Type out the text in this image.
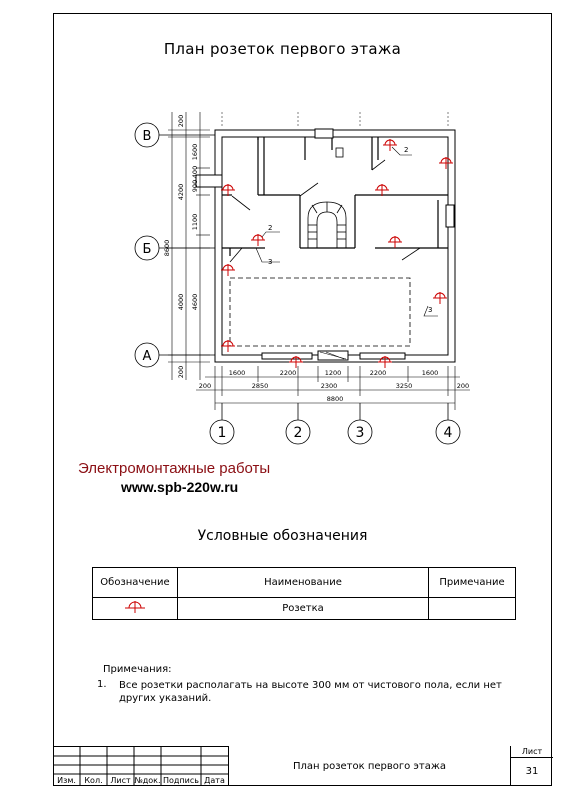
План розеток первого этажа
2
2
3
3
В
Б
А
200
1600
400
900
1100
4200
8600
4000 4600
200	1600	2200	1200	2200	1600
200	2850	2300	3250	200
8800
1	2	3	4
Электромонтажные работы
www.spb-220w.ru
Условные обозначения
Обозначение	Наименование	Примечание
	Розетка	
Примечания:
1. Все розетки располагать на высоте 300 мм от чистового пола, если нет других указаний.
Изм.	Кол. Лист №док. Подпись Дата
План розеток первого этажа
Лист
31
